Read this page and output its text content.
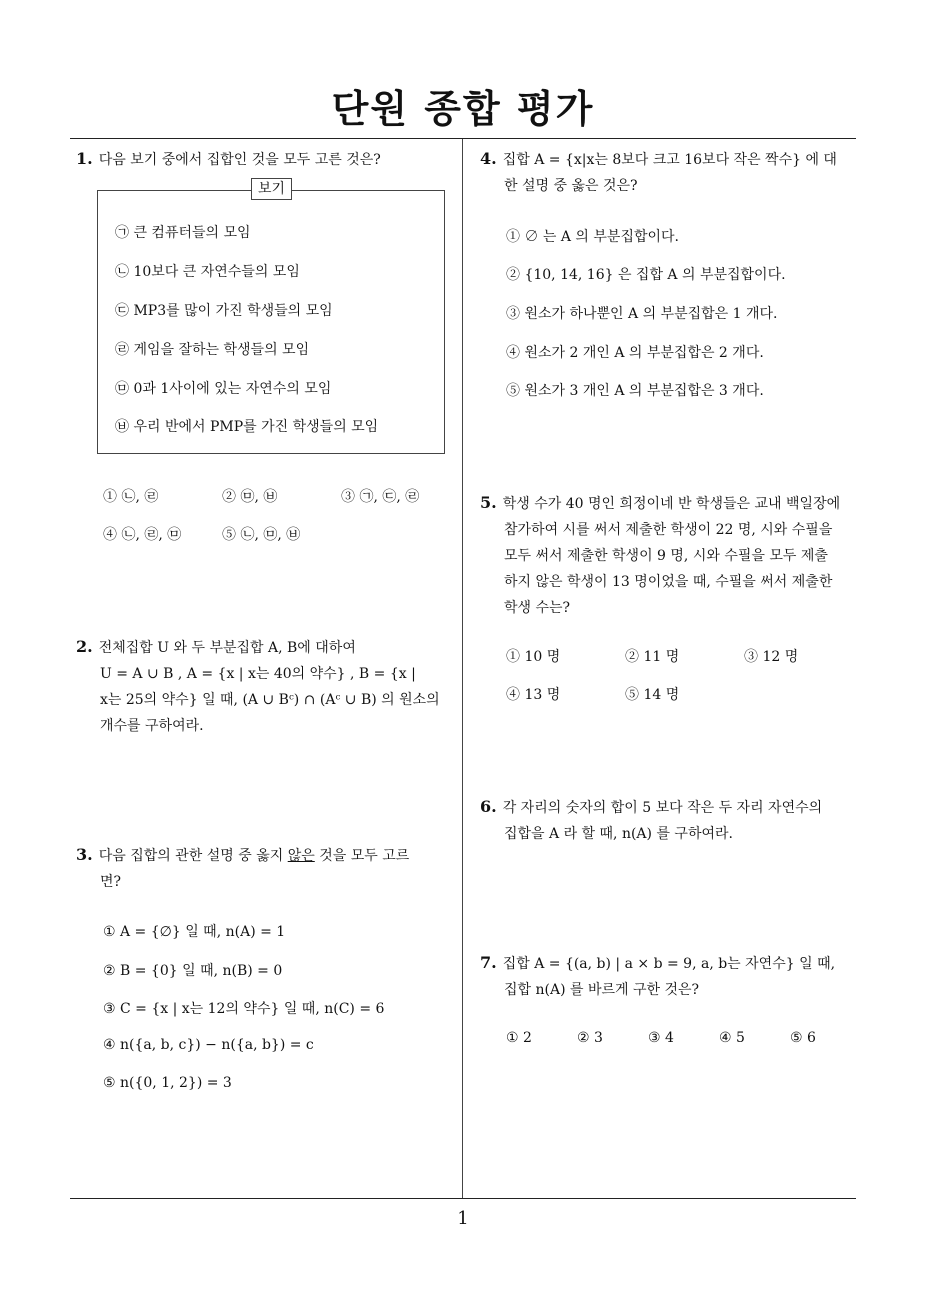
단원 종합 평가
1
1. 다음 보기 중에서 집합인 것을 모두 고른 것은?
보기
㉠ 큰 컴퓨터들의 모임
㉡ 10보다 큰 자연수들의 모임
㉢ MP3를 많이 가진 학생들의 모임
㉣ 게임을 잘하는 학생들의 모임
㉤ 0과 1사이에 있는 자연수의 모임
㉥ 우리 반에서 PMP를 가진 학생들의 모임
① ㉡, ㉣	② ㉤, ㉥	③ ㉠, ㉢, ㉣
④ ㉡, ㉣, ㉤	⑤ ㉡, ㉤, ㉥
2. 전체집합 U 와 두 부분집합 A, B에 대하여
U = A ∪ B , A = {x | x는 40의 약수} , B = {x |
x는 25의 약수} 일 때, (A ∪ Bᶜ) ∩ (Aᶜ ∪ B) 의 원소의
개수를 구하여라.
3. 다음 집합의 관한 설명 중 옳지 않은 것을 모두 고르
면?
① A = {∅} 일 때, n(A) = 1
② B = {0} 일 때, n(B) = 0
③ C = {x | x는 12의 약수} 일 때, n(C) = 6
④ n({a, b, c}) − n({a, b}) = c
⑤ n({0, 1, 2}) = 3
4. 집합 A = {x|x는 8보다 크고 16보다 작은 짝수} 에 대
한 설명 중 옳은 것은?
① ∅ 는 A 의 부분집합이다.
② {10, 14, 16} 은 집합 A 의 부분집합이다.
③ 원소가 하나뿐인 A 의 부분집합은 1 개다.
④ 원소가 2 개인 A 의 부분집합은 2 개다.
⑤ 원소가 3 개인 A 의 부분집합은 3 개다.
5. 학생 수가 40 명인 희정이네 반 학생들은 교내 백일장에
참가하여 시를 써서 제출한 학생이 22 명, 시와 수필을
모두 써서 제출한 학생이 9 명, 시와 수필을 모두 제출
하지 않은 학생이 13 명이었을 때, 수필을 써서 제출한
학생 수는?
① 10 명	② 11 명	③ 12 명
④ 13 명	⑤ 14 명
6. 각 자리의 숫자의 합이 5 보다 작은 두 자리 자연수의
집합을 A 라 할 때, n(A) 를 구하여라.
7. 집합 A = {(a, b) | a × b = 9, a, b는 자연수} 일 때,
집합 n(A) 를 바르게 구한 것은?
① 2	② 3	③ 4	④ 5	⑤ 6
